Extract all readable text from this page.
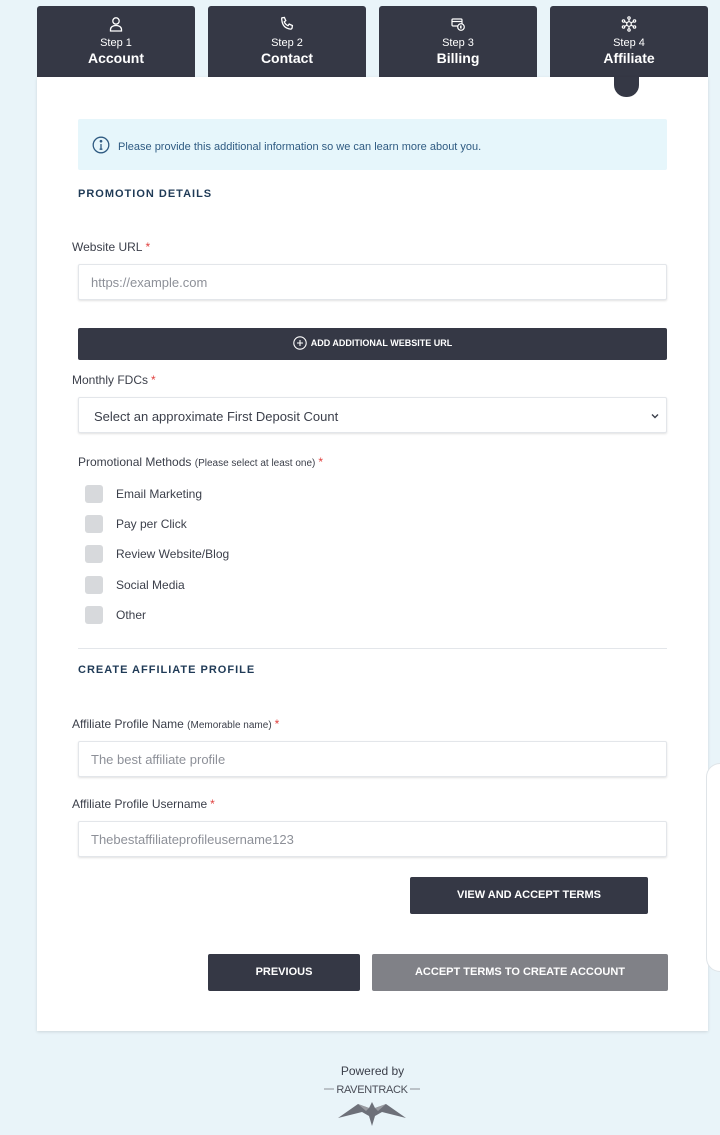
Step 1
Account
Step 2
Contact
Step 3
Billing
Step 4
Affiliate
Please provide this additional information so we can learn more about you.
PROMOTION DETAILS
Website URL *
https://example.com
ADD ADDITIONAL WEBSITE URL
Monthly FDCs *
Select an approximate First Deposit Count
Promotional Methods (Please select at least one) *
Email Marketing
Pay per Click
Review Website/Blog
Social Media
Other
CREATE AFFILIATE PROFILE
Affiliate Profile Name (Memorable name) *
The best affiliate profile
Affiliate Profile Username *
Thebestaffiliateprofileusername123
VIEW AND ACCEPT TERMS
PREVIOUS	ACCEPT TERMS TO CREATE ACCOUNT
Powered by
RAVENTRACK
